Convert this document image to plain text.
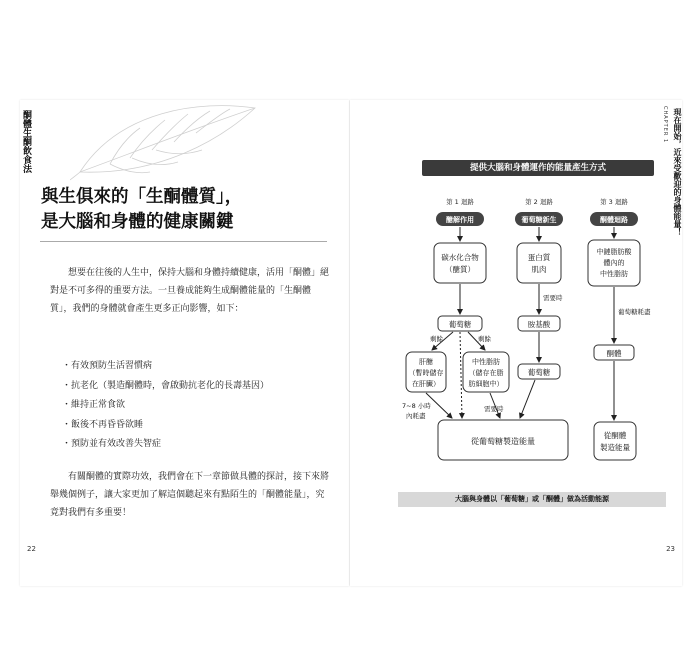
酮體生酮飲食法
與生俱來的「生酮體質」，
是大腦和身體的健康關鍵
想要在往後的人生中，保持大腦和身體持續健康，活用「酮體」絕對是不可多得的重要方法。一旦養成能夠生成酮體能量的「生酮體質」，我們的身體就會產生更多正向影響，如下：
・有效預防生活習慣病
・抗老化（製造酮體時，會啟動抗老化的長壽基因）
・維持正常食欲
・飯後不再昏昏欲睡
・預防並有效改善失智症
有關酮體的實際功效，我們會在下一章節做具體的探討，接下來將舉幾個例子，讓大家更加了解這個聽起來有點陌生的「酮體能量」，究竟對我們有多重要！
22
CHAPTER 1 現在開始，近來受歡迎的身體能量！
提供大腦和身體運作的能量產生方式
第 1 迴路	第 2 迴路	第 3 迴路
醣解作用	葡萄糖新生	酮體迴路
碳水化合物
（醣質）
蛋白質
肌肉
中鏈脂肪酸
體內的
中性脂肪
葡萄糖
需要時
胺基酸
葡萄糖耗盡
酮體
剩餘	剩餘
肝醣
（暫時儲存
在肝臟）
中性脂肪
（儲存在脂
肪細胞中）
葡萄糖
從葡萄糖製造能量
從酮體
製造能量
7~8 小時
內耗盡
需要時
大腦與身體以「葡萄糖」或「酮體」做為活動能源
23
